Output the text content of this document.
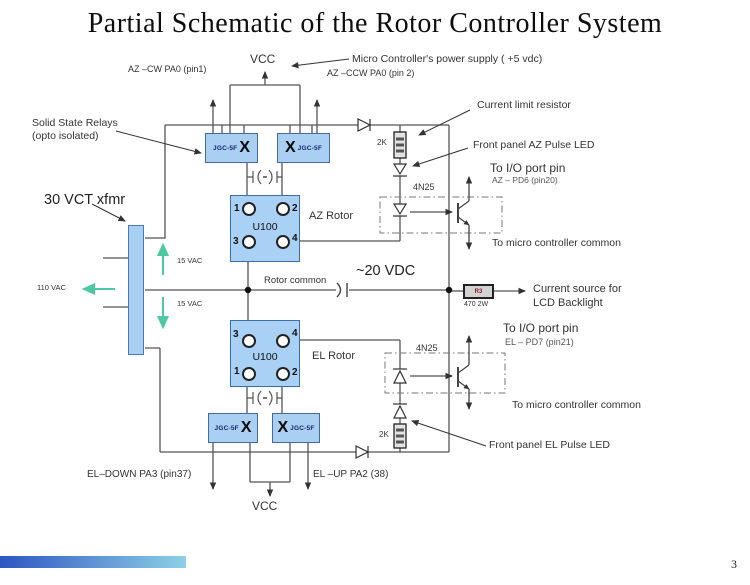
Partial Schematic of the Rotor Controller System
JGC-5F X X JGC-5F
JGC-5F X X JGC-5F
1	2
U100
3	4
3	4
U100
1	2
R3
AZ –CW PA0 (pin1)
VCC	Micro Controller's power supply ( +5 vdc)
AZ –CCW PA0 (pin 2)
Current limit resistor
Solid State Relays
(opto isolated)
Front panel AZ Pulse LED
To I/O port pin
AZ – PD6 (pin20)
To micro controller common
30 VCT xfmr
110 VAC
15 VAC
15 VAC
AZ Rotor
Rotor common
~20 VDC
470 2W
Current source for
LCD Backlight
4N25
4N25
To I/O port pin
EL – PD7 (pin21)
To micro controller common
EL Rotor
Front panel EL Pulse LED
EL–DOWN PA3 (pin37)	EL –UP PA2 (38)
VCC
2K
2K
3
